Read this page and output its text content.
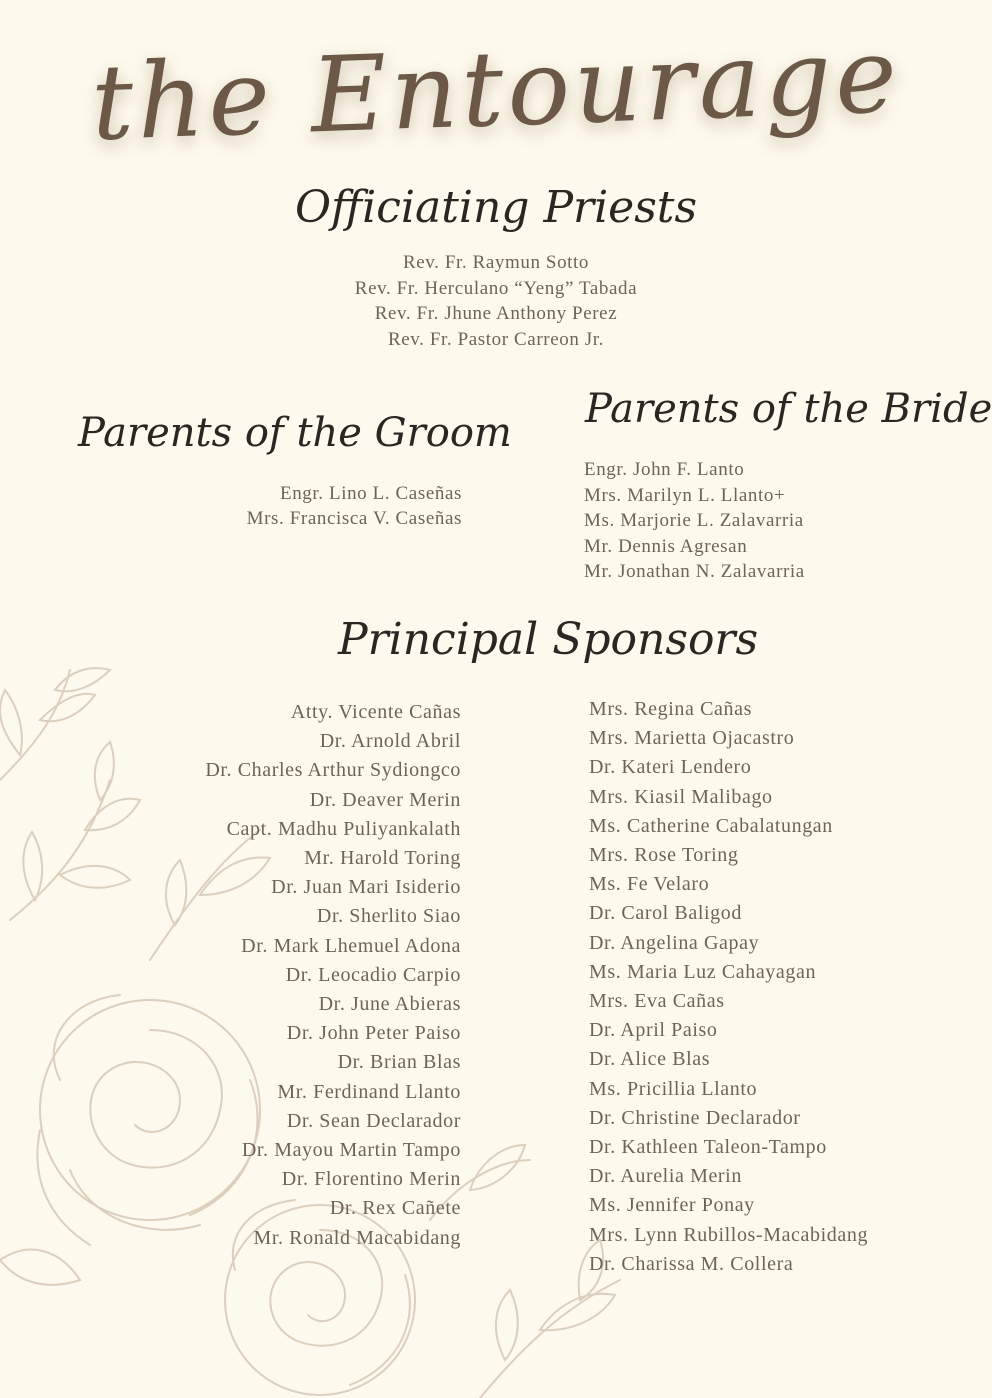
the Entourage
Officiating Priests
Rev. Fr. Raymun Sotto
Rev. Fr. Herculano “Yeng” Tabada
Rev. Fr. Jhune Anthony Perez
Rev. Fr. Pastor Carreon Jr.
Parents of the Groom
Engr. Lino L. Caseñas
Mrs. Francisca V. Caseñas
Parents of the Bride
Engr. John F. Lanto
Mrs. Marilyn L. Llanto+
Ms. Marjorie L. Zalavarria
Mr. Dennis Agresan
Mr. Jonathan N. Zalavarria
Principal Sponsors
Atty. Vicente Cañas
Dr. Arnold Abril
Dr. Charles Arthur Sydiongco
Dr. Deaver Merin
Capt. Madhu Puliyankalath
Mr. Harold Toring
Dr. Juan Mari Isiderio
Dr. Sherlito Siao
Dr. Mark Lhemuel Adona
Dr. Leocadio Carpio
Dr. June Abieras
Dr. John Peter Paiso
Dr. Brian Blas
Mr. Ferdinand Llanto
Dr. Sean Declarador
Dr. Mayou Martin Tampo
Dr. Florentino Merin
Dr. Rex Cañete
Mr. Ronald Macabidang
Mrs. Regina Cañas
Mrs. Marietta Ojacastro
Dr. Kateri Lendero
Mrs. Kiasil Malibago
Ms. Catherine Cabalatungan
Mrs. Rose Toring
Ms. Fe Velaro
Dr. Carol Baligod
Dr. Angelina Gapay
Ms. Maria Luz Cahayagan
Mrs. Eva Cañas
Dr. April Paiso
Dr. Alice Blas
Ms. Pricillia Llanto
Dr. Christine Declarador
Dr. Kathleen Taleon-Tampo
Dr. Aurelia Merin
Ms. Jennifer Ponay
Mrs. Lynn Rubillos-Macabidang
Dr. Charissa M. Collera
